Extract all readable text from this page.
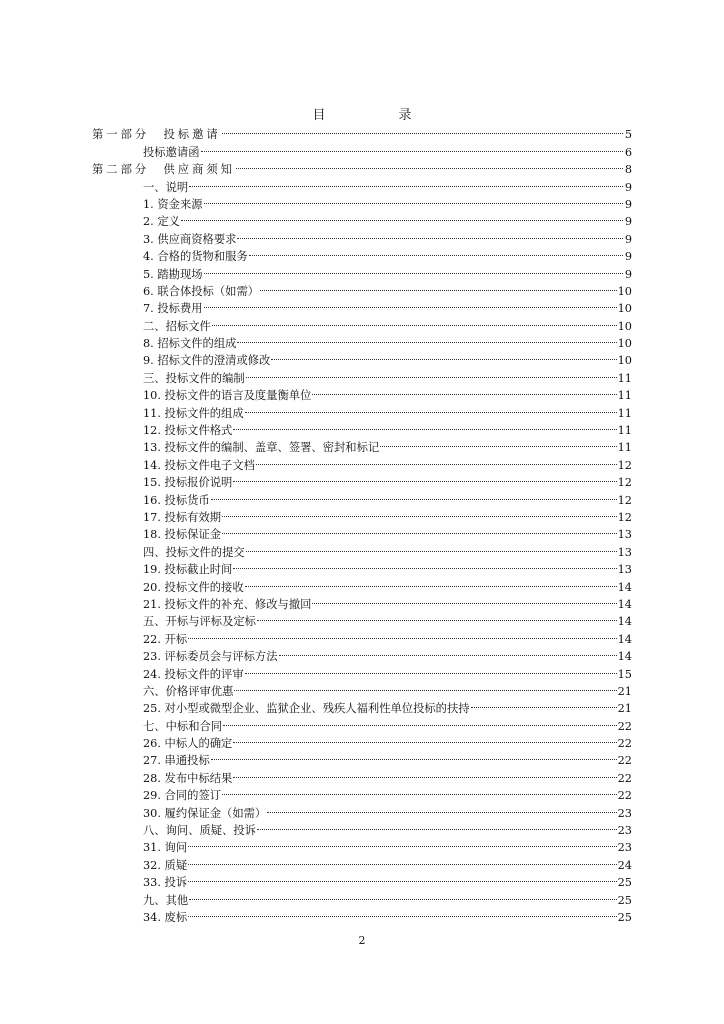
目　录
第一部分　投标邀请	5
投标邀请函	6
第二部分　供应商须知	8
一、说明	9
1. 资金来源	9
2. 定义	9
3. 供应商资格要求	9
4. 合格的货物和服务	9
5. 踏勘现场	9
6. 联合体投标（如需）	10
7. 投标费用	10
二、招标文件	10
8. 招标文件的组成	10
9. 招标文件的澄清或修改	10
三、投标文件的编制	11
10. 投标文件的语言及度量衡单位	11
11. 投标文件的组成	11
12. 投标文件格式	11
13. 投标文件的编制、盖章、签署、密封和标记	11
14. 投标文件电子文档	12
15. 投标报价说明	12
16. 投标货币	12
17. 投标有效期	12
18. 投标保证金	13
四、投标文件的提交	13
19. 投标截止时间	13
20. 投标文件的接收	14
21. 投标文件的补充、修改与撤回	14
五、开标与评标及定标	14
22. 开标	14
23. 评标委员会与评标方法	14
24. 投标文件的评审	15
六、价格评审优惠	21
25. 对小型或微型企业、监狱企业、残疾人福利性单位投标的扶持	21
七、中标和合同	22
26. 中标人的确定	22
27. 串通投标	22
28. 发布中标结果	22
29. 合同的签订	22
30. 履约保证金（如需）	23
八、询问、质疑、投诉	23
31. 询问	23
32. 质疑	24
33. 投诉	25
九、其他	25
34. 废标	25
2
